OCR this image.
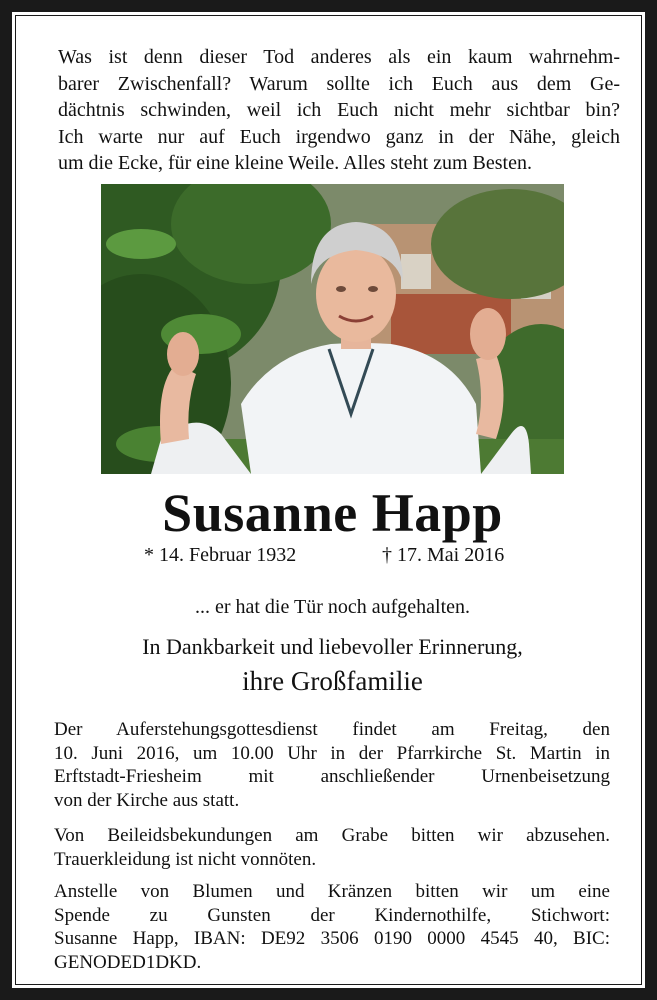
Was ist denn dieser Tod anderes als ein kaum wahrnehm-
barer Zwischenfall? Warum sollte ich Euch aus dem Ge-
dächtnis schwinden, weil ich Euch nicht mehr sichtbar bin?
Ich warte nur auf Euch irgendwo ganz in der Nähe, gleich
um die Ecke, für eine kleine Weile. Alles steht zum Besten.
Susanne Happ
* 14. Februar 1932	† 17. Mai 2016
... er hat die Tür noch aufgehalten.
In Dankbarkeit und liebevoller Erinnerung,
ihre Großfamilie
Der Auferstehungsgottesdienst findet am Freitag, den
10. Juni 2016, um 10.00 Uhr in der Pfarrkirche St. Martin in
Erftstadt-Friesheim mit anschließender Urnenbeisetzung
von der Kirche aus statt.
Von Beileidsbekundungen am Grabe bitten wir abzusehen.
Trauerkleidung ist nicht vonnöten.
Anstelle von Blumen und Kränzen bitten wir um eine
Spende zu Gunsten der Kindernothilfe, Stichwort:
Susanne Happ, IBAN: DE92 3506 0190 0000 4545 40, BIC:
GENODED1DKD.
